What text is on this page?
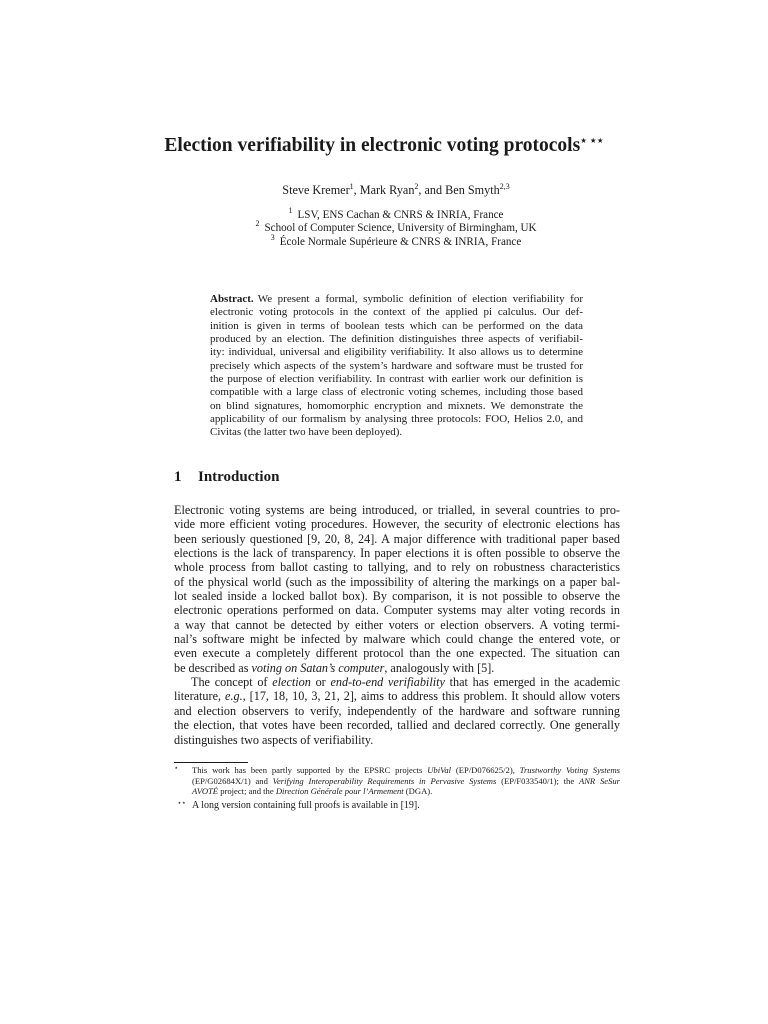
Election verifiability in electronic voting protocols⋆ ⋆⋆
Steve Kremer$^1$, Mark Ryan$^2$, and Ben Smyth$^{2,3}$
$^1$ LSV, ENS Cachan & CNRS & INRIA, France
$^2$ School of Computer Science, University of Birmingham, UK
$^3$ École Normale Supérieure & CNRS & INRIA, France
Abstract. We present a formal, symbolic definition of election verifiability for
electronic voting protocols in the context of the applied pi calculus. Our def-
inition is given in terms of boolean tests which can be performed on the data
produced by an election. The definition distinguishes three aspects of verifiabil-
ity: individual, universal and eligibility verifiability. It also allows us to determine
precisely which aspects of the system’s hardware and software must be trusted for
the purpose of election verifiability. In contrast with earlier work our definition is
compatible with a large class of electronic voting schemes, including those based
on blind signatures, homomorphic encryption and mixnets. We demonstrate the
applicability of our formalism by analysing three protocols: FOO, Helios 2.0, and
Civitas (the latter two have been deployed).
1 Introduction
Electronic voting systems are being introduced, or trialled, in several countries to pro-
vide more efficient voting procedures. However, the security of electronic elections has
been seriously questioned [9, 20, 8, 24]. A major difference with traditional paper based
elections is the lack of transparency. In paper elections it is often possible to observe the
whole process from ballot casting to tallying, and to rely on robustness characteristics
of the physical world (such as the impossibility of altering the markings on a paper bal-
lot sealed inside a locked ballot box). By comparison, it is not possible to observe the
electronic operations performed on data. Computer systems may alter voting records in
a way that cannot be detected by either voters or election observers. A voting termi-
nal’s software might be infected by malware which could change the entered vote, or
even execute a completely different protocol than the one expected. The situation can
be described as voting on Satan’s computer, analogously with [5].
The concept of election or end-to-end verifiability that has emerged in the academic
literature, e.g., [17, 18, 10, 3, 21, 2], aims to address this problem. It should allow voters
and election observers to verify, independently of the hardware and software running
the election, that votes have been recorded, tallied and declared correctly. One generally
distinguishes two aspects of verifiability.
⋆ This work has been partly supported by the EPSRC projects UbiVal (EP/D076625/2), Trustworthy Voting Systems
(EP/G02684X/1) and Verifying Interoperability Requirements in Pervasive Systems (EP/F033540/1); the ANR SeSur
AVOTÉ project; and the Direction Générale pour l’Armement (DGA).
⋆⋆ A long version containing full proofs is available in [19].
